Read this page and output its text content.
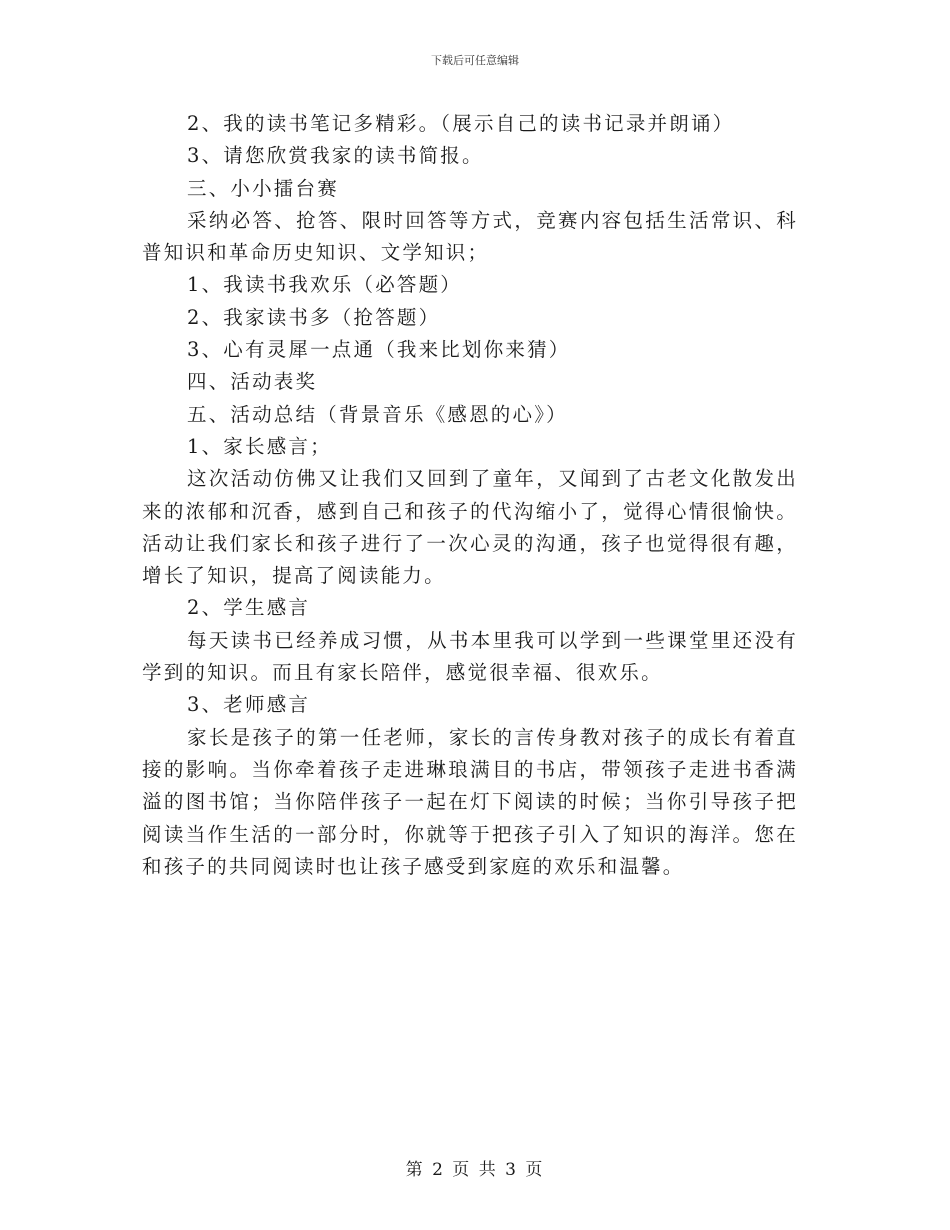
下载后可任意编辑

2、我的读书笔记多精彩。（展示自己的读书记录并朗诵）

3、请您欣赏我家的读书简报。

三、小小擂台赛

采纳必答、抢答、限时回答等方式，竞赛内容包括生活常识、科普知识和革命历史知识、文学知识；

1、我读书我欢乐（必答题）

2、我家读书多（抢答题）

3、心有灵犀一点通（我来比划你来猜）

四、活动表奖

五、活动总结（背景音乐《感恩的心》）

1、家长感言；

这次活动仿佛又让我们又回到了童年，又闻到了古老文化散发出来的浓郁和沉香，感到自己和孩子的代沟缩小了，觉得心情很愉快。活动让我们家长和孩子进行了一次心灵的沟通，孩子也觉得很有趣，增长了知识，提高了阅读能力。

2、学生感言

每天读书已经养成习惯，从书本里我可以学到一些课堂里还没有学到的知识。而且有家长陪伴，感觉很幸福、很欢乐。

3、老师感言

家长是孩子的第一任老师，家长的言传身教对孩子的成长有着直接的影响。当你牵着孩子走进琳琅满目的书店，带领孩子走进书香满溢的图书馆；当你陪伴孩子一起在灯下阅读的时候；当你引导孩子把阅读当作生活的一部分时，你就等于把孩子引入了知识的海洋。您在和孩子的共同阅读时也让孩子感受到家庭的欢乐和温馨。

第 2 页 共 3 页
